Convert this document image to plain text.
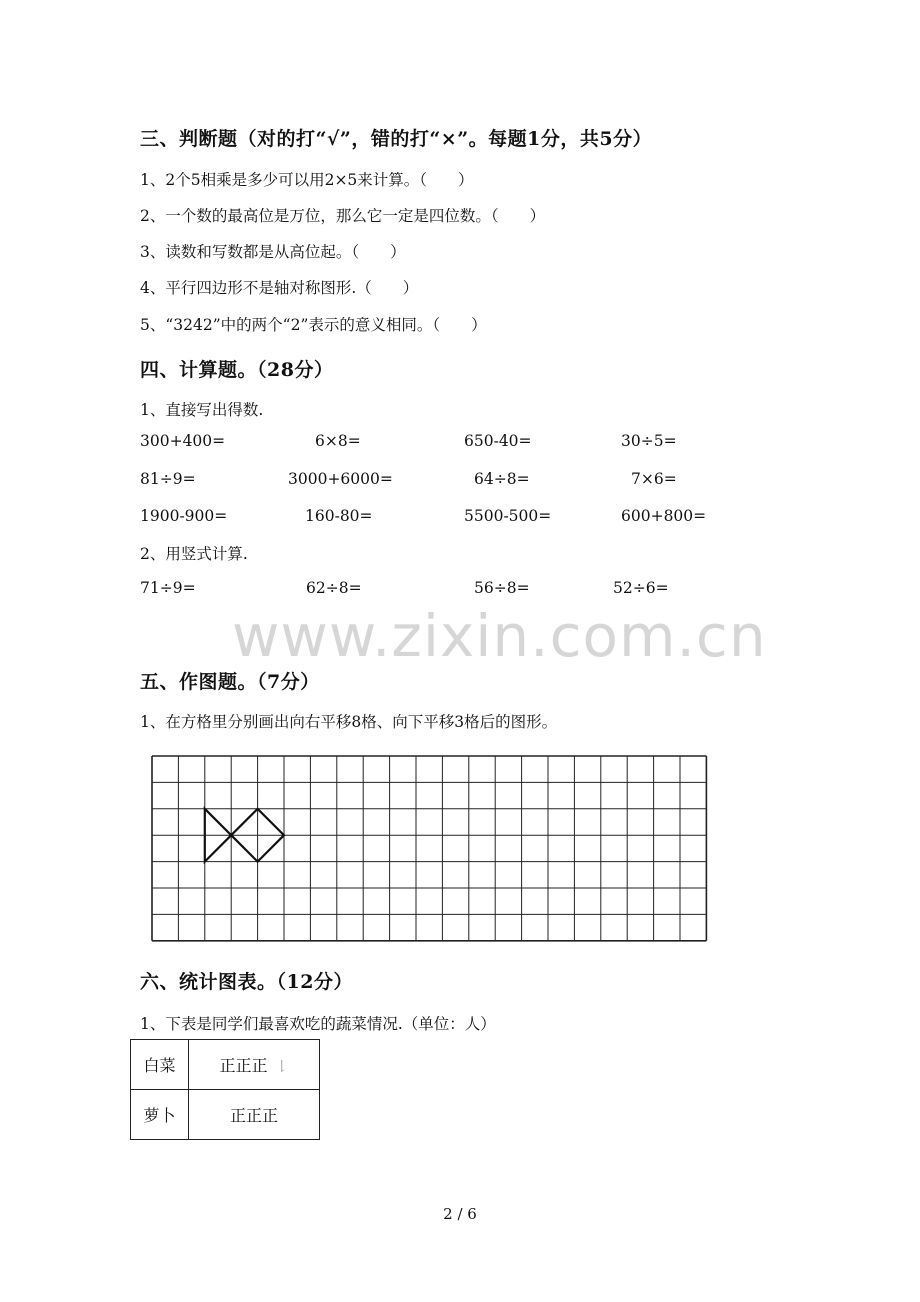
三、判断题（对的打“√”，错的打“×”。每题1分，共5分）
1、2个5相乘是多少可以用2×5来计算。（　　）
2、一个数的最高位是万位，那么它一定是四位数。（　　）
3、读数和写数都是从高位起。（　　）
4、平行四边形不是轴对称图形.（　　）
5、“3242”中的两个“2”表示的意义相同。（　　）
四、计算题。（28分）
1、直接写出得数.
300+400=	6×8=	650-40=	30÷5=
81÷9=	3000+6000=	64÷8=	7×6=
1900-900=	160-80=	5500-500=	600+800=
2、用竖式计算.
71÷9=	62÷8=	56÷8=	52÷6=
www.zixin.com.cn
五、作图题。（7分）
1、在方格里分别画出向右平移8格、向下平移3格后的图形。
六、统计图表。（12分）
1、下表是同学们最喜欢吃的蔬菜情况.（单位：人）
白菜	正正正 𠄌
萝卜	正正正
2 / 6
